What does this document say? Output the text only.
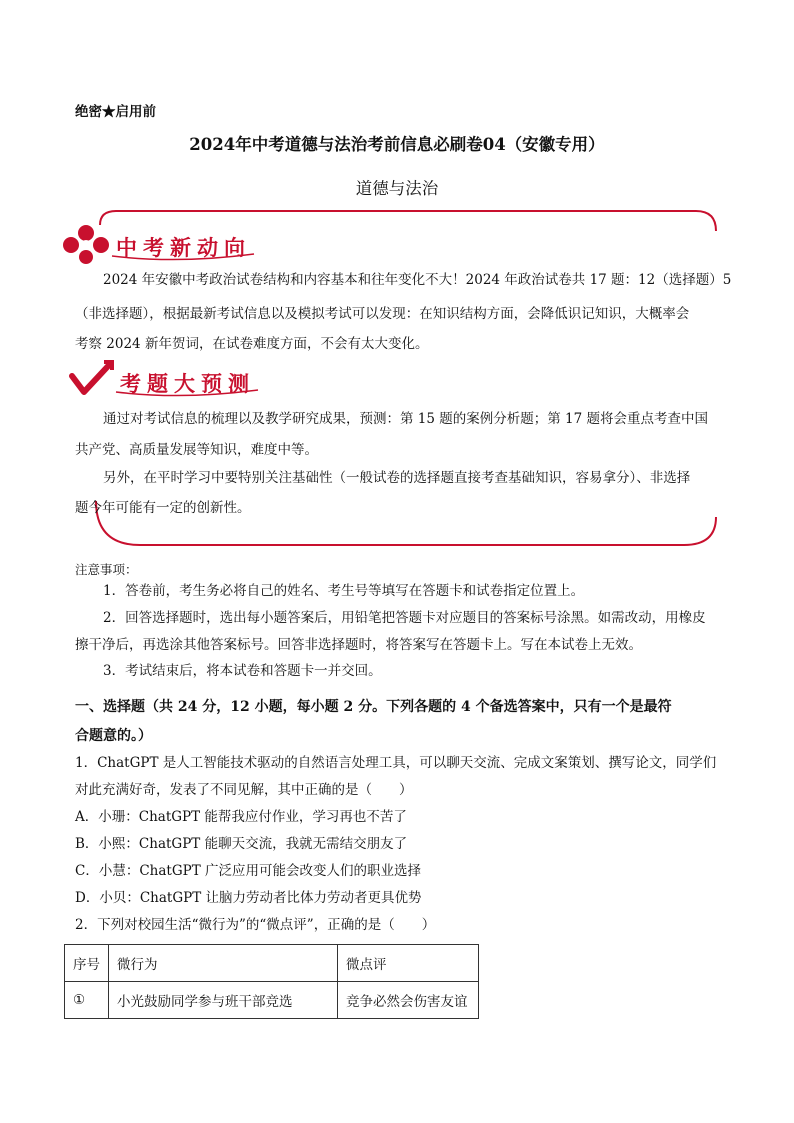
绝密★启用前
2024年中考道德与法治考前信息必刷卷04（安徽专用）
道德与法治
中考新动向
2024 年安徽中考政治试卷结构和内容基本和往年变化不大！2024 年政治试卷共 17 题：12（选择题）5
（非选择题），根据最新考试信息以及模拟考试可以发现：在知识结构方面，会降低识记知识，大概率会
考察 2024 新年贺词，在试卷难度方面，不会有太大变化。
考题大预测
通过对考试信息的梳理以及教学研究成果，预测：第 15 题的案例分析题；第 17 题将会重点考查中国
共产党、高质量发展等知识，难度中等。
另外，在平时学习中要特别关注基础性（一般试卷的选择题直接考查基础知识，容易拿分）、非选择
题今年可能有一定的创新性。
注意事项：
1．答卷前，考生务必将自己的姓名、考生号等填写在答题卡和试卷指定位置上。
2．回答选择题时，选出每小题答案后，用铅笔把答题卡对应题目的答案标号涂黑。如需改动，用橡皮
擦干净后，再选涂其他答案标号。回答非选择题时，将答案写在答题卡上。写在本试卷上无效。
3．考试结束后，将本试卷和答题卡一并交回。
一、选择题（共 24 分，12 小题，每小题 2 分。下列各题的 4 个备选答案中，只有一个是最符
合题意的。）
1．ChatGPT 是人工智能技术驱动的自然语言处理工具，可以聊天交流、完成文案策划、撰写论文，同学们
对此充满好奇，发表了不同见解，其中正确的是（　　）
A．小珊：ChatGPT 能帮我应付作业，学习再也不苦了
B．小熙：ChatGPT 能聊天交流，我就无需结交朋友了
C．小慧：ChatGPT 广泛应用可能会改变人们的职业选择
D．小贝：ChatGPT 让脑力劳动者比体力劳动者更具优势
2．下列对校园生活“微行为”的“微点评”，正确的是（　　）
序号	微行为	微点评
①	小光鼓励同学参与班干部竞选	竞争必然会伤害友谊
